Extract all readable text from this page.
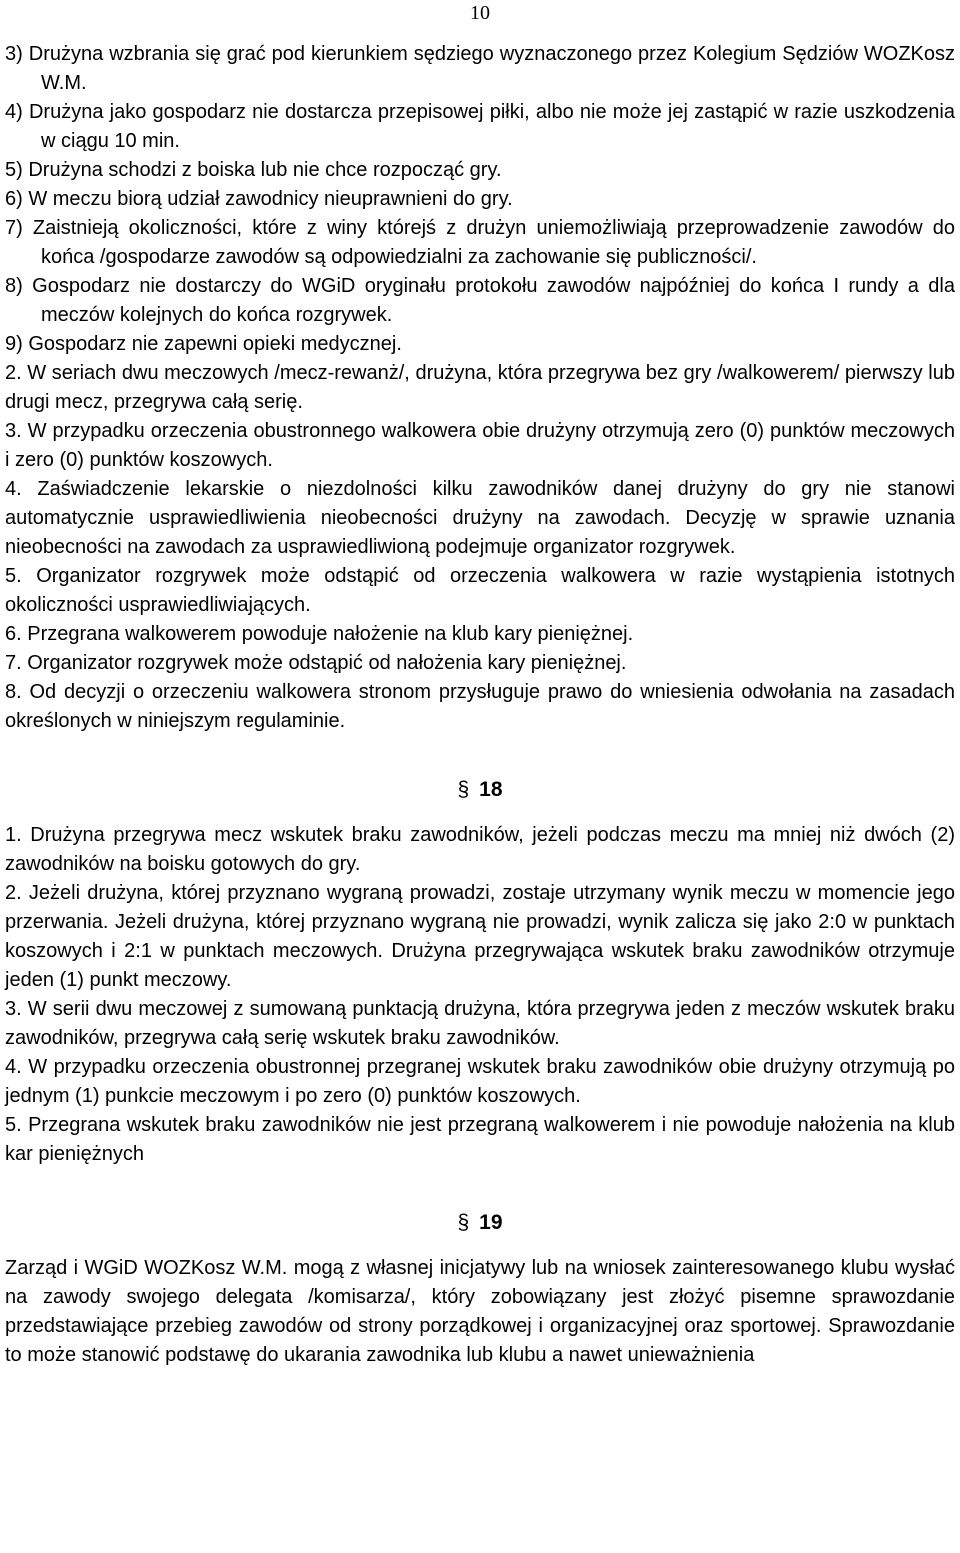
10

3) Drużyna wzbrania się grać pod kierunkiem sędziego wyznaczonego przez Kolegium Sędziów WOZKosz W.M.

4) Drużyna jako gospodarz nie dostarcza przepisowej piłki, albo nie może jej zastąpić w razie uszkodzenia w ciągu 10 min.

5) Drużyna schodzi z boiska lub nie chce rozpocząć gry.

6) W meczu biorą udział zawodnicy nieuprawnieni do gry.

7) Zaistnieją okoliczności, które z winy którejś z drużyn uniemożliwiają przeprowadzenie zawodów do końca /gospodarze zawodów są odpowiedzialni za zachowanie się publiczności/.

8) Gospodarz nie dostarczy do WGiD oryginału protokołu zawodów najpóźniej do końca I rundy a dla meczów kolejnych do końca rozgrywek.

9) Gospodarz nie zapewni opieki medycznej.

2. W seriach dwu meczowych /mecz-rewanż/, drużyna, która przegrywa bez gry /walkowerem/ pierwszy lub drugi mecz, przegrywa całą serię.

3. W przypadku orzeczenia obustronnego walkowera obie drużyny otrzymują zero (0) punktów meczowych i zero (0) punktów koszowych.

4. Zaświadczenie lekarskie o niezdolności kilku zawodników danej drużyny do gry nie stanowi automatycznie usprawiedliwienia nieobecności drużyny na zawodach. Decyzję w sprawie uznania nieobecności na zawodach za usprawiedliwioną podejmuje organizator rozgrywek.

5. Organizator rozgrywek może odstąpić od orzeczenia walkowera w razie wystąpienia istotnych okoliczności usprawiedliwiających.

6. Przegrana walkowerem powoduje nałożenie na klub kary pieniężnej.

7. Organizator rozgrywek może odstąpić od nałożenia kary pieniężnej.

8. Od decyzji o orzeczeniu walkowera stronom przysługuje prawo do wniesienia odwołania na zasadach określonych w niniejszym regulaminie.

§ 18

1. Drużyna przegrywa mecz wskutek braku zawodników, jeżeli podczas meczu ma mniej niż dwóch (2) zawodników na boisku gotowych do gry.

2. Jeżeli drużyna, której przyznano wygraną prowadzi, zostaje utrzymany wynik meczu w momencie jego przerwania. Jeżeli drużyna, której przyznano wygraną nie prowadzi, wynik zalicza się jako 2:0 w punktach koszowych i 2:1 w punktach meczowych. Drużyna przegrywająca wskutek braku zawodników otrzymuje jeden (1) punkt meczowy.

3. W serii dwu meczowej z sumowaną punktacją drużyna, która przegrywa jeden z meczów wskutek braku zawodników, przegrywa całą serię wskutek braku zawodników.

4. W przypadku orzeczenia obustronnej przegranej wskutek braku zawodników obie drużyny otrzymują po jednym (1) punkcie meczowym i po zero (0) punktów koszowych.

5. Przegrana wskutek braku zawodników nie jest przegraną walkowerem i nie powoduje nałożenia na klub kar pieniężnych

§ 19

Zarząd i WGiD WOZKosz W.M. mogą z własnej inicjatywy lub na wniosek zainteresowanego klubu wysłać na zawody swojego delegata /komisarza/, który zobowiązany jest złożyć pisemne sprawozdanie przedstawiające przebieg zawodów od strony porządkowej i organizacyjnej oraz sportowej. Sprawozdanie to może stanowić podstawę do ukarania zawodnika lub klubu a nawet unieważnienia
